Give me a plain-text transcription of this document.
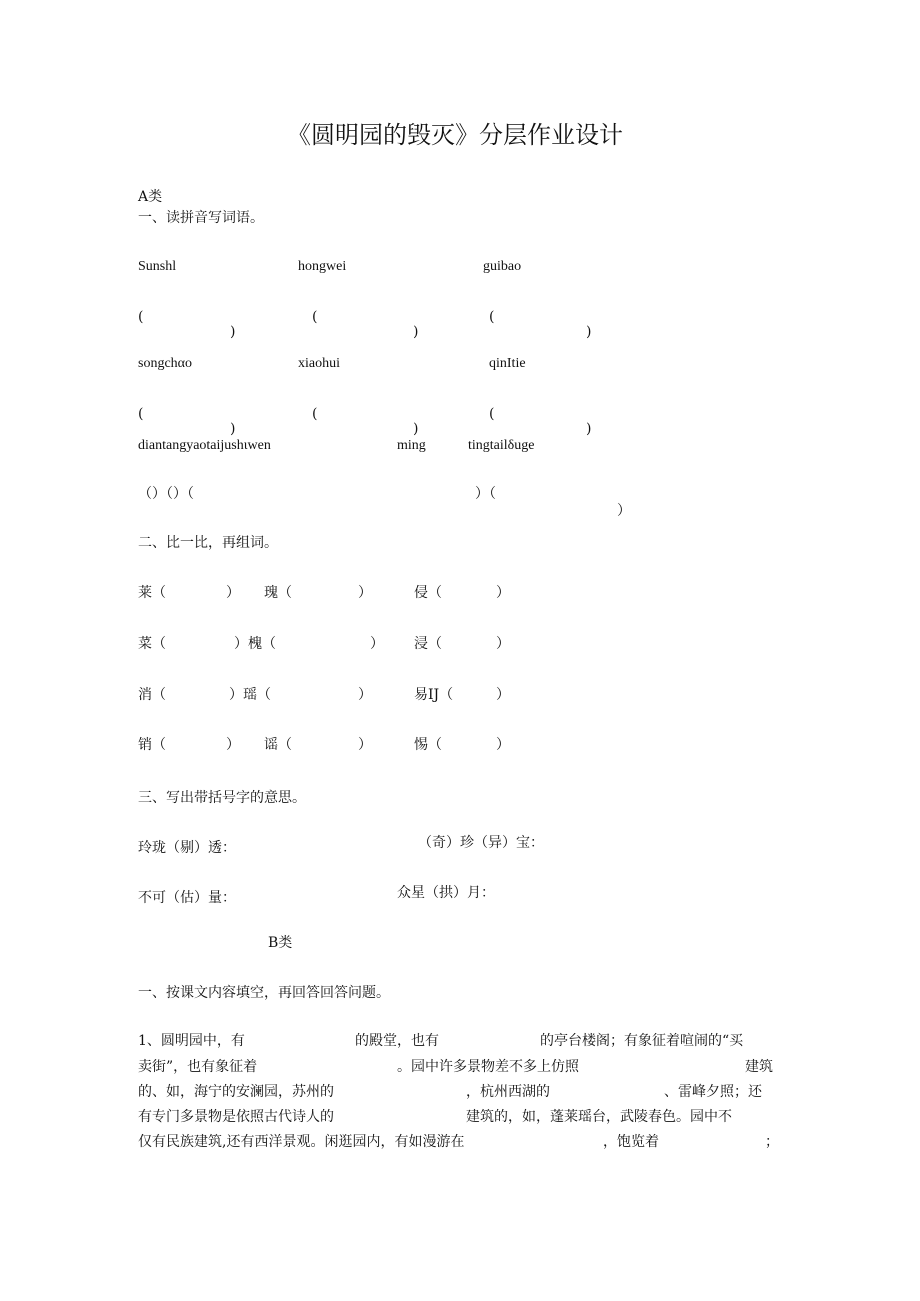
《圆明园的毁灭》分层作业设计
A类
一、读拼音写词语。
Sunshl	hongwei	guibao
(	(	(
)	)	)
songchαo	xiaohui	qinItie
(	(	(
)	)	)
diantangyaotaijushιwen	ming	tingtailδuge
（）（）（	）（
）
二、比一比，再组词。
莱（	） 瑰（	）	侵（	）
菜（	）槐（	） 浸（	）
消（	）瑶（	）	易IJ（	）
销（	） 谣（	）	惕（	）
三、写出带括号字的意思。
玲珑（剔）透：	（奇）珍（异）宝：
不可（估）量：	众星（拱）月：
B类
一、按课文内容填空，再回答回答问题。
1、圆明园中，有	的殿堂，也有	的亭台楼阁；有象征着喧闹的“买
卖街”，也有象征着	。园中许多景物差不多上仿照	建筑
的、如，海宁的安澜园，苏州的	，杭州西湖的	、雷峰夕照；还
有专门多景物是依照古代诗人的	建筑的，如，蓬莱瑶台，武陵春色。园中不
仅有民族建筑,还有西洋景观。闲逛园内，有如漫游在	，饱览着	；
